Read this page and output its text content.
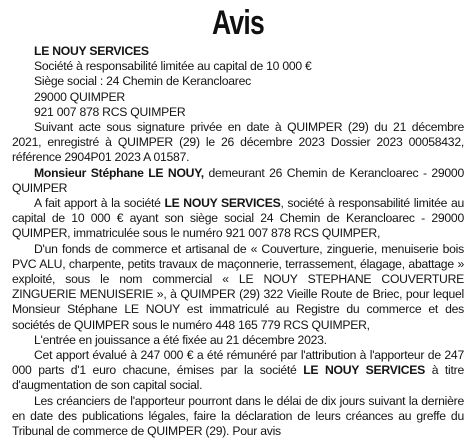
Avis
LE NOUY SERVICES
Société à responsabilité limitée au capital de 10 000 €
Siège social : 24 Chemin de Kerancloarec
29000 QUIMPER
921 007 878 RCS QUIMPER

Suivant acte sous signature privée en date à QUIMPER (29) du 21 décembre 2021, enregistré à QUIMPER (29) le 26 décembre 2023 Dossier 2023 00058432, référence 2904P01 2023 A 01587.

Monsieur Stéphane LE NOUY, demeurant 26 Chemin de Kerancloarec - 29000 QUIMPER

A fait apport à la société LE NOUY SERVICES, société à responsabilité limitée au capital de 10 000 € ayant son siège social 24 Chemin de Kerancloarec - 29000 QUIMPER, immatriculée sous le numéro 921 007 878 RCS QUIMPER,

D'un fonds de commerce et artisanal de « Couverture, zinguerie, menuiserie bois PVC ALU, charpente, petits travaux de maçonnerie, terrassement, élagage, abattage » exploité, sous le nom commercial « LE NOUY STEPHANE COUVERTURE ZINGUERIE MENUISERIE », à QUIMPER (29) 322 Vieille Route de Briec, pour lequel Monsieur Stéphane LE NOUY est immatriculé au Registre du commerce et des sociétés de QUIMPER sous le numéro 448 165 779 RCS QUIMPER,

L'entrée en jouissance a été fixée au 21 décembre 2023.

Cet apport évalué à 247 000 € a été rémunéré par l'attribution à l'apporteur de 247 000 parts d'1 euro chacune, émises par la société LE NOUY SERVICES à titre d'augmentation de son capital social.

Les créanciers de l'apporteur pourront dans le délai de dix jours suivant la dernière en date des publications légales, faire la déclaration de leurs créances au greffe du Tribunal de commerce de QUIMPER (29). Pour avis
